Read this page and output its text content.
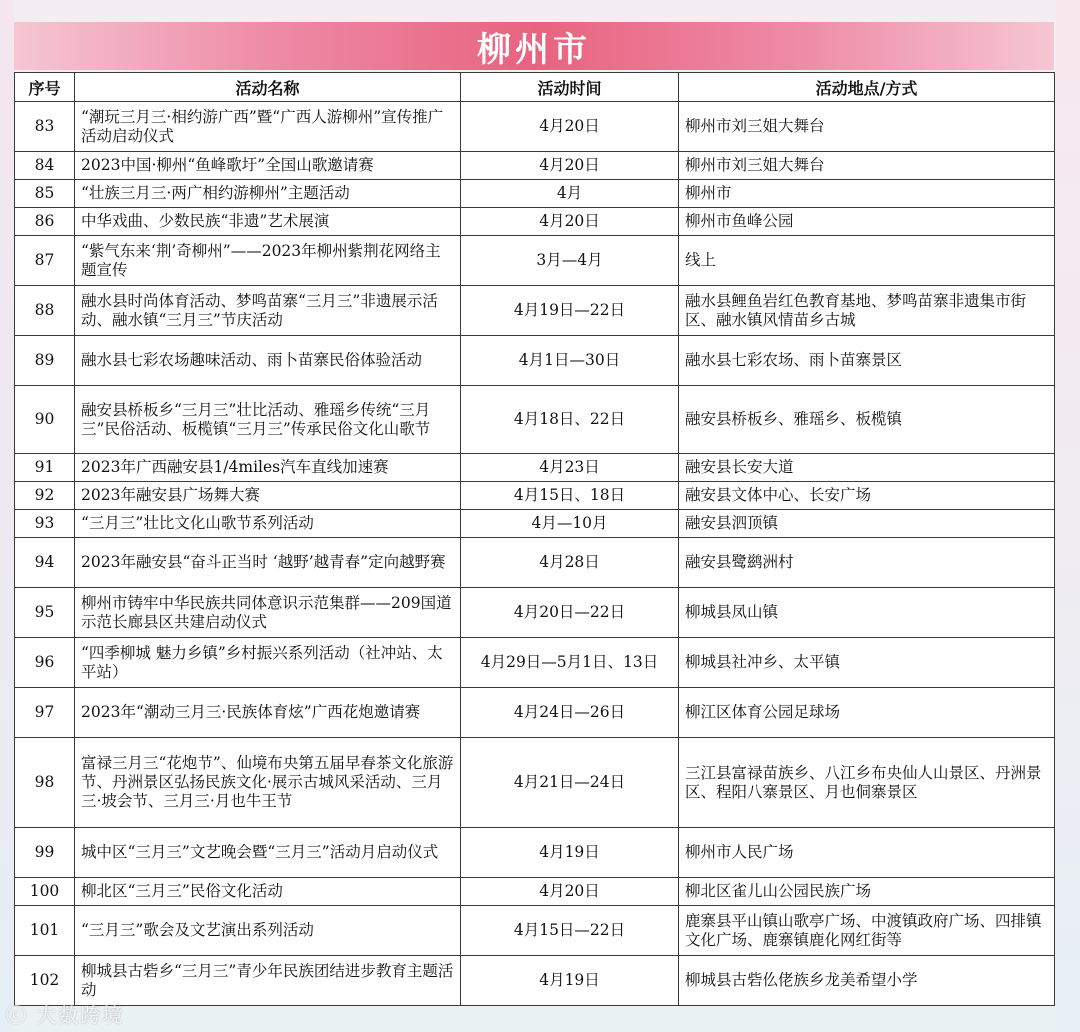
柳州市
序号	活动名称	活动时间	活动地点/方式
83	“潮玩三月三·相约游广西”暨“广西人游柳州”宣传推广活动启动仪式	4月20日	柳州市刘三姐大舞台
84	2023中国·柳州“鱼峰歌圩”全国山歌邀请赛	4月20日	柳州市刘三姐大舞台
85	“壮族三月三·两广相约游柳州”主题活动	4月	柳州市
86	中华戏曲、少数民族“非遗”艺术展演	4月20日	柳州市鱼峰公园
87	“紫气东来‘荆’奇柳州”——2023年柳州紫荆花网络主题宣传	3月—4月	线上
88	融水县时尚体育活动、梦鸣苗寨“三月三”非遗展示活动、融水镇“三月三”节庆活动	4月19日—22日	融水县鲤鱼岩红色教育基地、梦鸣苗寨非遗集市街区、融水镇风情苗乡古城
89	融水县七彩农场趣味活动、雨卜苗寨民俗体验活动	4月1日—30日	融水县七彩农场、雨卜苗寨景区
90	融安县桥板乡“三月三”壮比活动、雅瑶乡传统“三月三”民俗活动、板榄镇“三月三”传承民俗文化山歌节	4月18日、22日	融安县桥板乡、雅瑶乡、板榄镇
91	2023年广西融安县1/4miles汽车直线加速赛	4月23日	融安县长安大道
92	2023年融安县广场舞大赛	4月15日、18日	融安县文体中心、长安广场
93	“三月三”壮比文化山歌节系列活动	4月—10月	融安县泗顶镇
94	2023年融安县“奋斗正当时 ‘越野’越青春”定向越野赛	4月28日	融安县鹭鹚洲村
95	柳州市铸牢中华民族共同体意识示范集群——209国道示范长廊县区共建启动仪式	4月20日—22日	柳城县凤山镇
96	“四季柳城 魅力乡镇”乡村振兴系列活动（社冲站、太平站）	4月29日—5月1日、13日	柳城县社冲乡、太平镇
97	2023年“潮动三月三·民族体育炫”广西花炮邀请赛	4月24日—26日	柳江区体育公园足球场
98	富禄三月三“花炮节”、仙境布央第五届早春茶文化旅游节、丹洲景区弘扬民族文化·展示古城风采活动、三月三·坡会节、三月三·月也牛王节	4月21日—24日	三江县富禄苗族乡、八江乡布央仙人山景区、丹洲景区、程阳八寨景区、月也侗寨景区
99	城中区“三月三”文艺晚会暨“三月三”活动月启动仪式	4月19日	柳州市人民广场
100	柳北区“三月三”民俗文化活动	4月20日	柳北区雀儿山公园民族广场
101	“三月三”歌会及文艺演出系列活动	4月15日—22日	鹿寨县平山镇山歌亭广场、中渡镇政府广场、四排镇文化广场、鹿寨镇鹿化网红街等
102	柳城县古砦乡“三月三”青少年民族团结进步教育主题活动	4月19日	柳城县古砦仫佬族乡龙美希望小学
ⓒ 大数跨境
